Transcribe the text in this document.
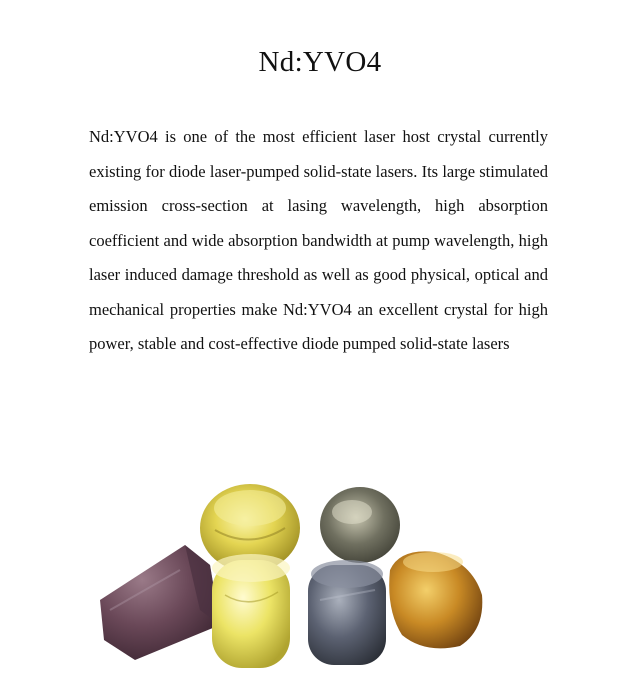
Nd:YVO4

Nd:YVO4 is one of the most efficient laser host crystal currently existing for diode laser-pumped solid-state lasers. Its large stimulated emission cross-section at lasing wavelength, high absorption coefficient and wide absorption bandwidth at pump wavelength, high laser induced damage threshold as well as good physical, optical and mechanical properties make Nd:YVO4 an excellent crystal for high power, stable and cost-effective diode pumped solid-state lasers
